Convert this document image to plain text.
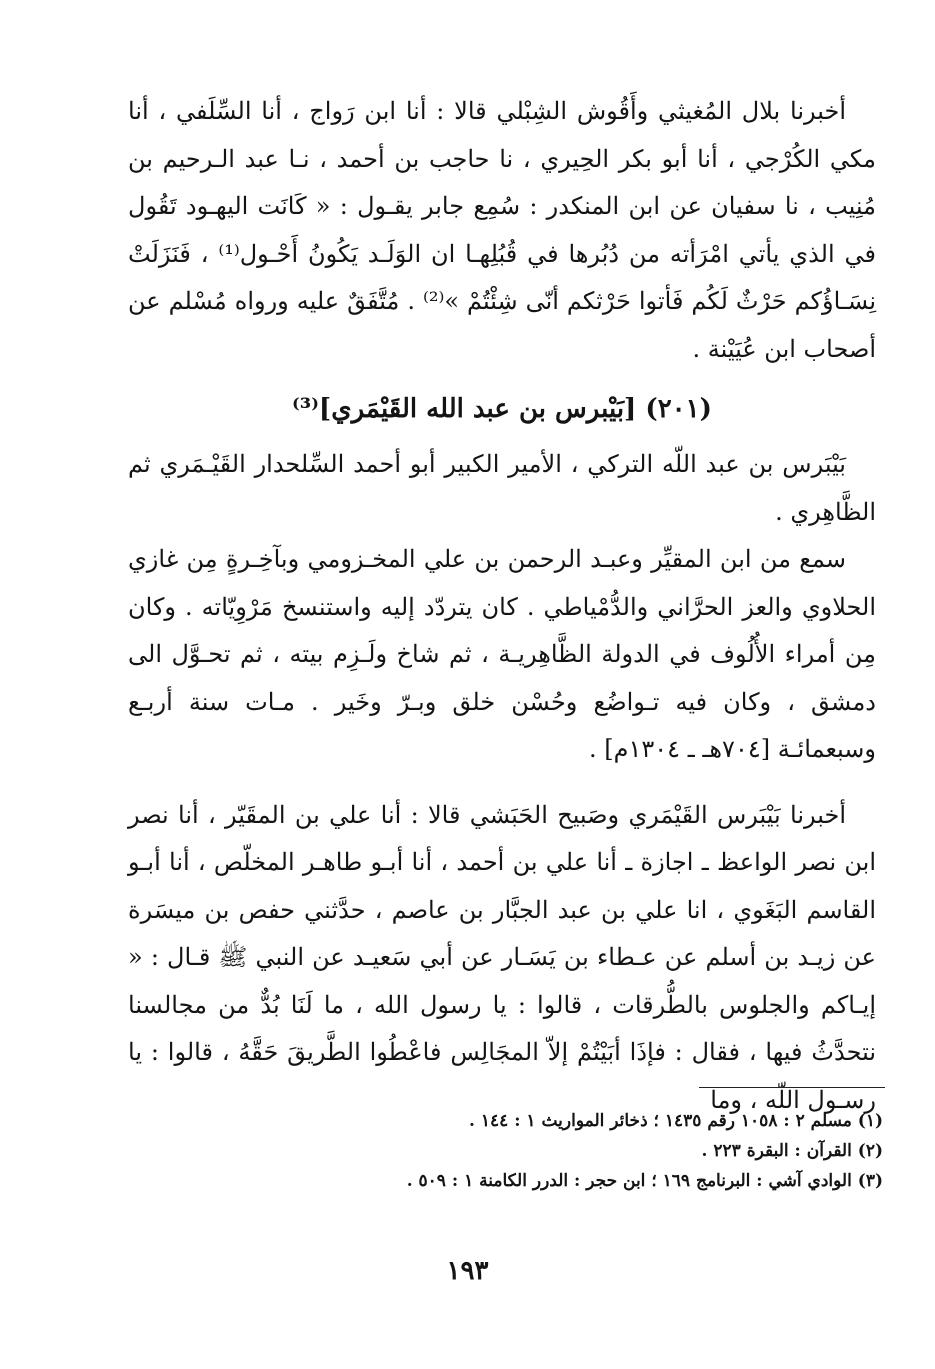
أخبرنا بلال المُغيثي وأَقُوش الشِبْلي قالا : أنا ابن رَواج ، أنا السِّلَفي ، أنا مكي الكُرْجي ، أنا أبو بكر الحِيري ، نا حاجب بن أحمد ، نـا عبد الـرحيم بن مُنِيب ، نا سفيان عن ابن المنكدر : سُمِع جابر يقـول : « كَانَت اليهـود تَقُول في الذي يأتي امْرَأته من دُبُرها في قُبُلِهـا ان الوَلَـد يَكُونُ أَحْـول⁽¹⁾ ، فَنَزَلَتْ نِسَـاؤُكم حَرْثٌ لَكُم فَأتوا حَرْثكم أنّى شِئْتُمْ »⁽²⁾ . مُتَّفَقٌ عليه ورواه مُسْلم عن أصحاب ابن عُيَيْنة .

(٢٠١) [بَيْبرس بن عبد الله القَيْمَري]⁽³⁾

بَيْبَرس بن عبد اللّه التركي ، الأمير الكبير أبو أحمد السِّلحدار القَيْـمَري ثم الظَّاهِري .

سمع من ابن المقيِّر وعبـد الرحمن بن علي المخـزومي وبآخِـرةٍ مِن غازي الحلاوي والعز الحرَّاني والدُّمْياطي . كان يتردّد إليه واستنسخ مَرْوِيّاته . وكان مِن أمراء الأُلُوف في الدولة الظَّاهِريـة ، ثم شاخ ولَـزِم بيته ، ثم تحـوَّل الى دمشق ، وكان فيه تـواضُع وحُسْن خلق وبـرّ وخَير . مـات سنة أربـع وسبعمائـة [٧٠٤هـ ـ ١٣٠٤م] .

أخبرنا بَيْبَرس القَيْمَري وصَبيح الحَبَشي قالا : أنا علي بن المقَيّر ، أنا نصر ابن نصر الواعظ ـ اجازة ـ أنا علي بن أحمد ، أنا أبـو طاهـر المخلّص ، أنا أبـو القاسم البَغَوي ، انا علي بن عبد الجبَّار بن عاصم ، حدَّثني حفص بن ميسَرة عن زيـد بن أسلم عن عـطاء بن يَسَـار عن أبي سَعيـد عن النبي ﷺ قـال : « إيـاكم والجلوس بالطُّرقات ، قالوا : يا رسول الله ، ما لَنَا بُدٌّ من مجالسنا نتحدَّثُ فيها ، فقال : فإذَا أبَيْتُمْ إلاّ المجَالِس فاعْطُوا الطَّريقَ حَقَّهُ ، قالوا : يا رسـول اللّه ، وما

(١) مسلم ٢ : ١٠٥٨ رقم ١٤٣٥ ؛ ذخائر المواريث ١ : ١٤٤ .

(٢) القرآن : البقرة ٢٢٣ .

(٣) الوادي آشي : البرنامج ١٦٩ ؛ ابن حجر : الدرر الكامنة ١ : ٥٠٩ .

١٩٣
